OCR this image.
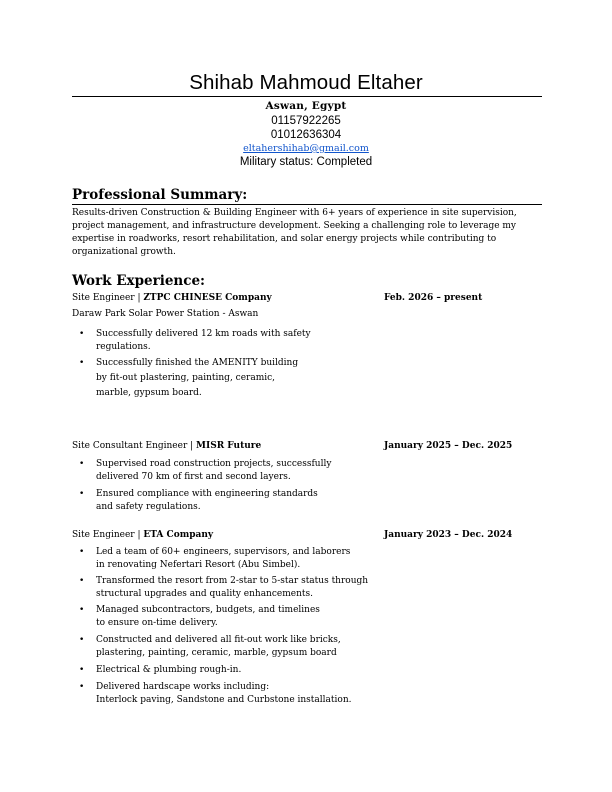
Shihab Mahmoud Eltaher
Aswan, Egypt
01157922265
01012636304
eltahershihab@gmail.com
Military status: Completed
Professional Summary:
Results-driven Construction & Building Engineer with 6+ years of experience in site supervision, project management, and infrastructure development. Seeking a challenging role to leverage my expertise in roadworks, resort rehabilitation, and solar energy projects while contributing to organizational growth.
Work Experience:
Site Engineer | ZTPC CHINESE Company	Feb. 2026 – present
Daraw Park Solar Power Station - Aswan
• Successfully delivered 12 km roads with safety
regulations.
• Successfully finished the AMENITY building
by fit-out plastering, painting, ceramic,
marble, gypsum board.
Site Consultant Engineer | MISR Future	January 2025 – Dec. 2025
• Supervised road construction projects, successfully
delivered 70 km of first and second layers.
• Ensured compliance with engineering standards
and safety regulations.
Site Engineer | ETA Company	January 2023 – Dec. 2024
• Led a team of 60+ engineers, supervisors, and laborers
in renovating Nefertari Resort (Abu Simbel).
• Transformed the resort from 2-star to 5-star status through
structural upgrades and quality enhancements.
• Managed subcontractors, budgets, and timelines
to ensure on-time delivery.
• Constructed and delivered all fit-out work like bricks,
plastering, painting, ceramic, marble, gypsum board
• Electrical & plumbing rough-in.
• Delivered hardscape works including:
Interlock paving, Sandstone and Curbstone installation.
